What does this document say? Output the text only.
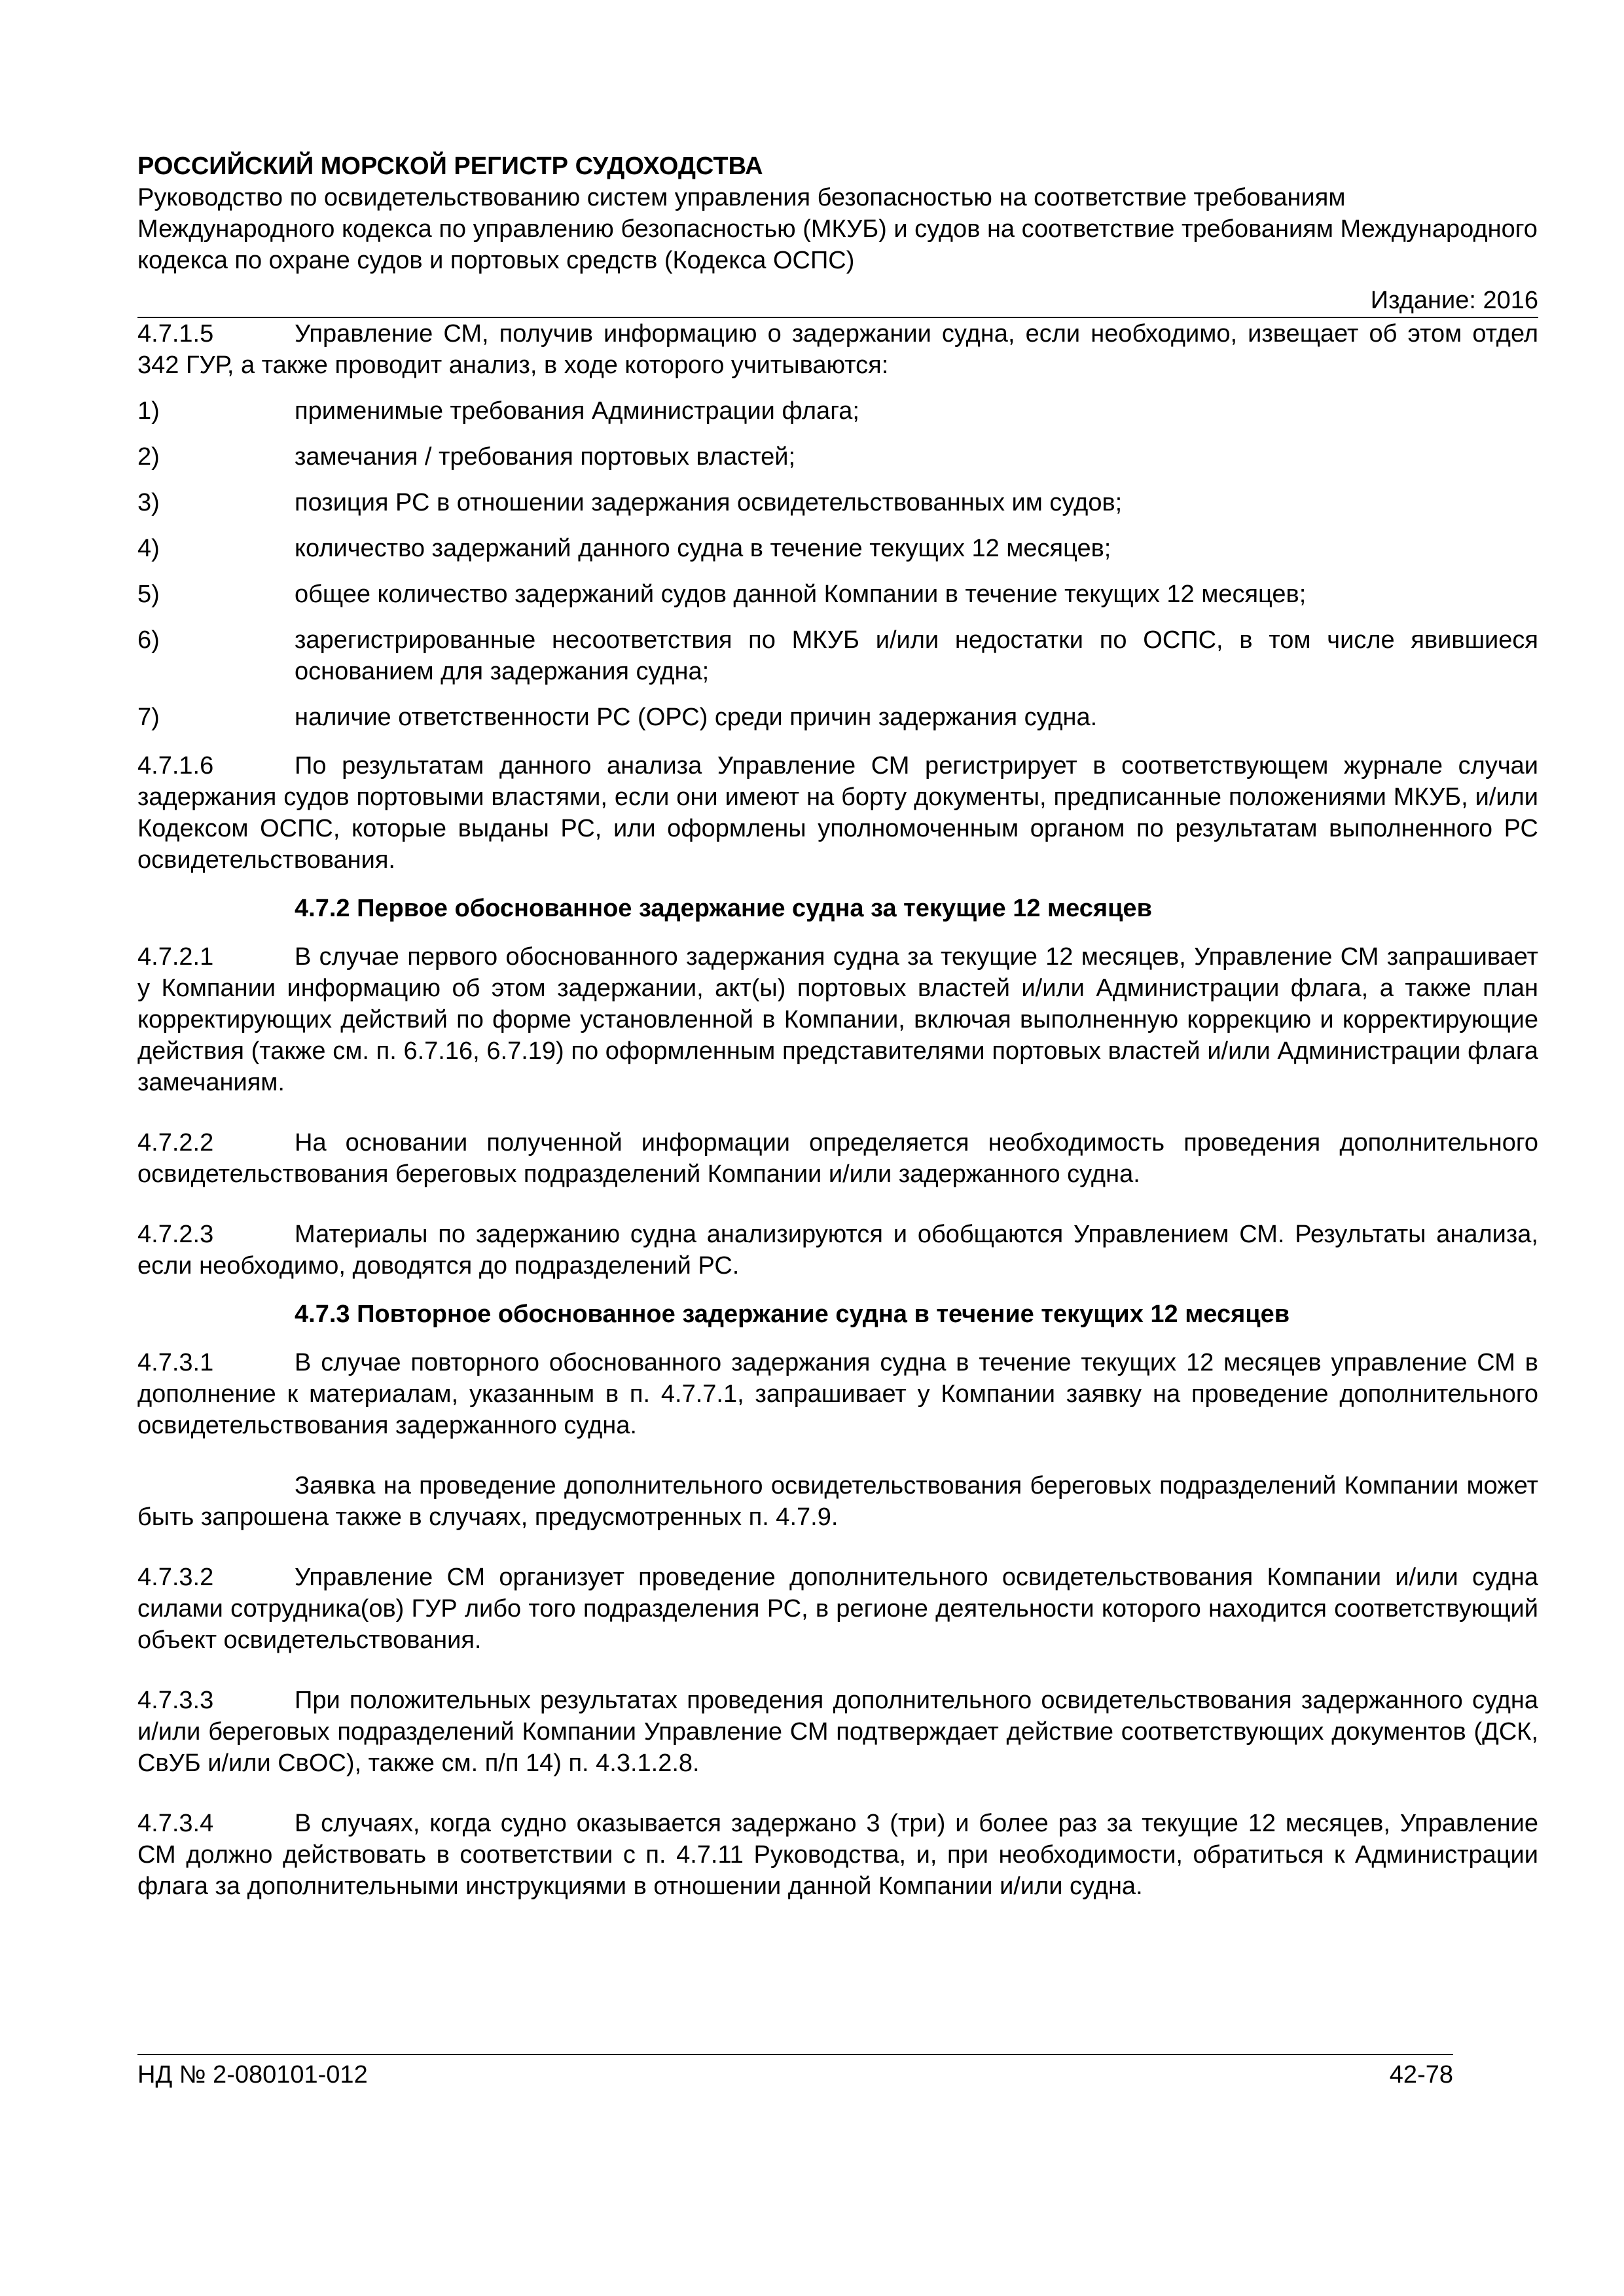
РОССИЙСКИЙ МОРСКОЙ РЕГИСТР СУДОХОДСТВА

Руководство по освидетельствованию систем управления безопасностью на соответствие требованиям Международного кодекса по управлению безопасностью (МКУБ) и судов на соответствие требованиям Международного кодекса по охране судов и портовых средств (Кодекса ОСПС)

Издание: 2016

4.7.1.5	Управление СМ, получив информацию о задержании судна, если необходимо, извещает об этом отдел 342 ГУР, а также проводит анализ, в ходе которого учитываются:

1)	применимые требования Администрации флага;
2)	замечания / требования портовых властей;
3)	позиция РС в отношении задержания освидетельствованных им судов;
4)	количество задержаний данного судна в течение текущих 12 месяцев;
5)	общее количество задержаний судов данной Компании в течение текущих 12 месяцев;
6)	зарегистрированные несоответствия по МКУБ и/или недостатки по ОСПС, в том числе явившиеся основанием для задержания судна;
7)	наличие ответственности РС (ОРС) среди причин задержания судна.

4.7.1.6	По результатам данного анализа Управление СМ регистрирует в соответствующем журнале случаи задержания судов портовыми властями, если они имеют на борту документы, предписанные положениями МКУБ, и/или Кодексом ОСПС, которые выданы РС, или оформлены уполномоченным органом по результатам выполненного РС освидетельствования.

4.7.2 Первое обоснованное задержание судна за текущие 12 месяцев

4.7.2.1	В случае первого обоснованного задержания судна за текущие 12 месяцев, Управление СМ запрашивает у Компании информацию об этом задержании, акт(ы) портовых властей и/или Администрации флага, а также план корректирующих действий по форме установленной в Компании, включая выполненную коррекцию и корректирующие действия (также см. п. 6.7.16, 6.7.19) по оформленным представителями портовых властей и/или Администрации флага замечаниям.

4.7.2.2	На основании полученной информации определяется необходимость проведения дополнительного освидетельствования береговых подразделений Компании и/или задержанного судна.

4.7.2.3	Материалы по задержанию судна анализируются и обобщаются Управлением СМ. Результаты анализа, если необходимо, доводятся до подразделений РС.

4.7.3 Повторное обоснованное задержание судна в течение текущих 12 месяцев

4.7.3.1	В случае повторного обоснованного задержания судна в течение текущих 12 месяцев управление СМ в дополнение к материалам, указанным в п. 4.7.7.1, запрашивает у Компании заявку на проведение дополнительного освидетельствования задержанного судна.

Заявка на проведение дополнительного освидетельствования береговых подразделений Компании может быть запрошена также в случаях, предусмотренных п. 4.7.9.

4.7.3.2	Управление СМ организует проведение дополнительного освидетельствования Компании и/или судна силами сотрудника(ов) ГУР либо того подразделения РС, в регионе деятельности которого находится соответствующий объект освидетельствования.

4.7.3.3	При положительных результатах проведения дополнительного освидетельствования задержанного судна и/или береговых подразделений Компании Управление СМ подтверждает действие соответствующих документов (ДСК, СвУБ и/или СвОС), также см. п/п 14) п. 4.3.1.2.8.

4.7.3.4	В случаях, когда судно оказывается задержано 3 (три) и более раз за текущие 12 месяцев, Управление СМ должно действовать в соответствии с п. 4.7.11 Руководства, и, при необходимости, обратиться к Администрации флага за дополнительными инструкциями в отношении данной Компании и/или судна.

НД № 2-080101-012	42-78
